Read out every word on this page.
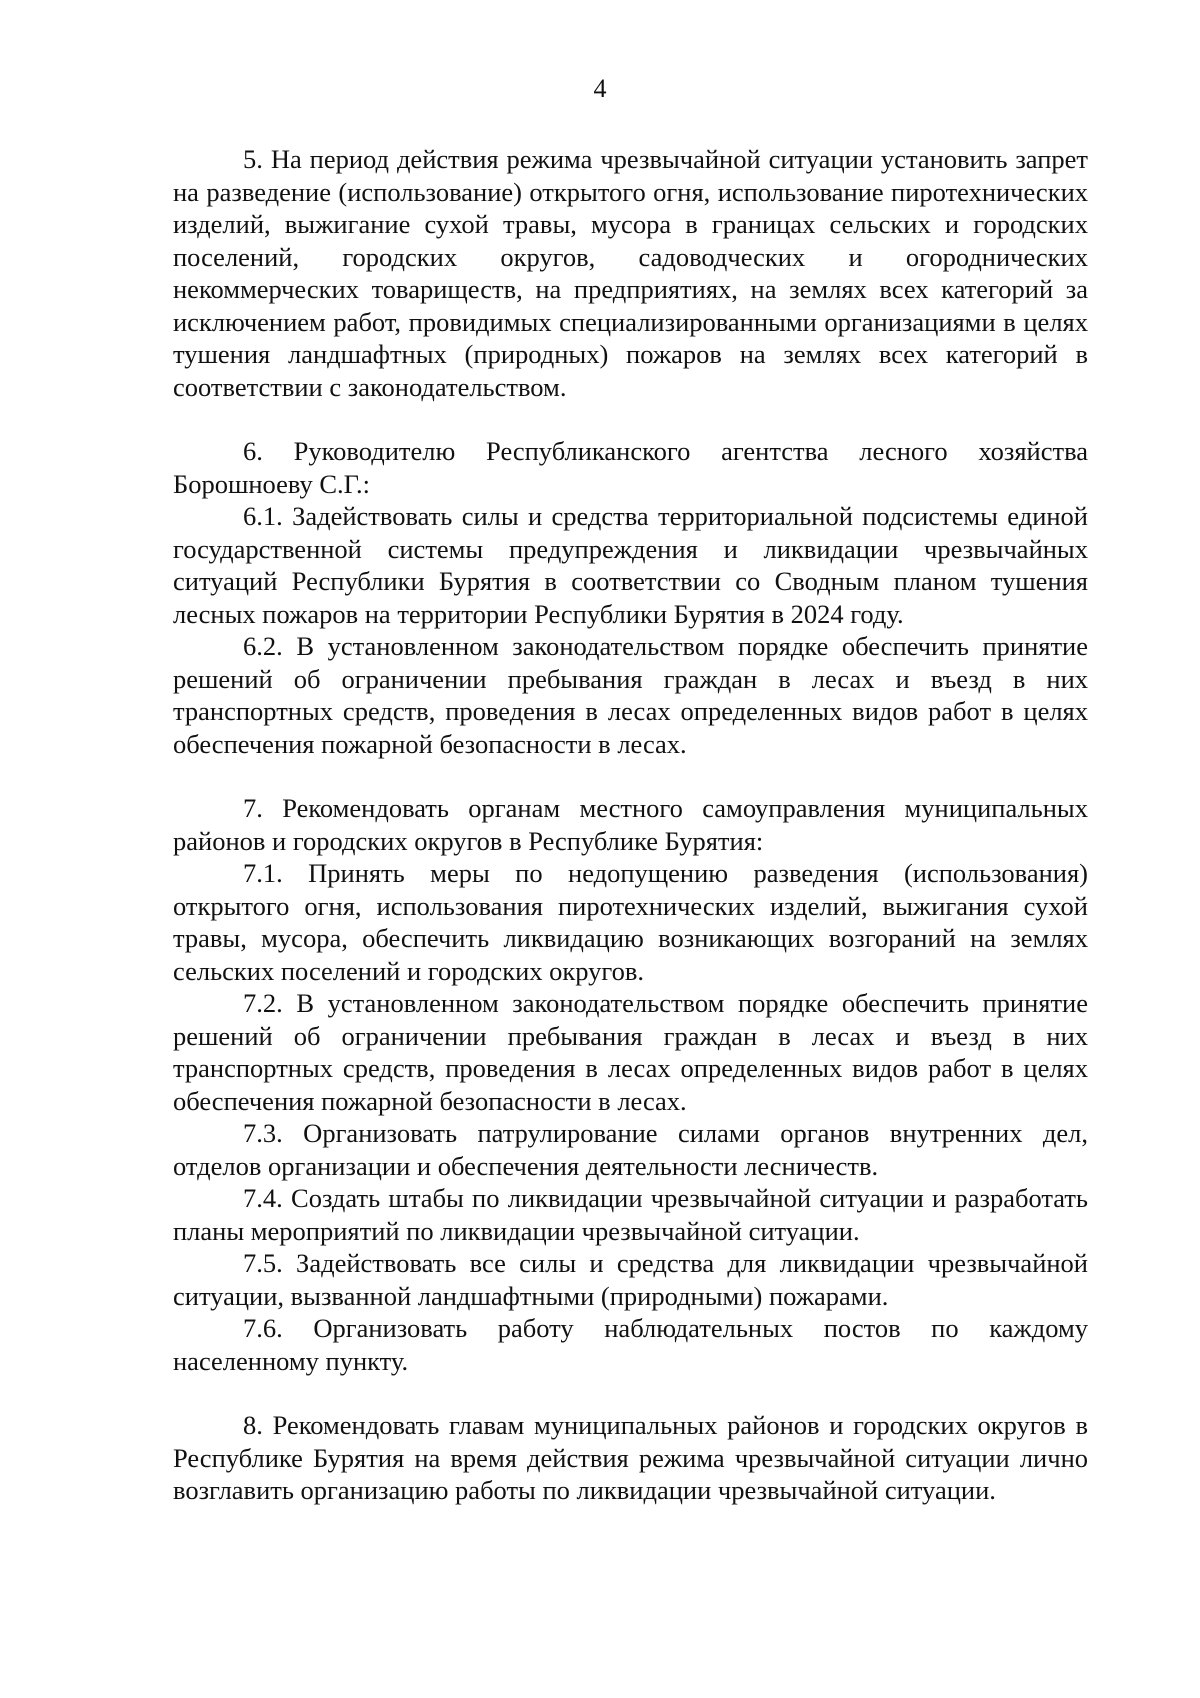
4

5. На период действия режима чрезвычайной ситуации установить запрет на разведение (использование) открытого огня, использование пиротехнических изделий, выжигание сухой травы, мусора в границах сельских и городских поселений, городских округов, садоводческих и огороднических некоммерческих товариществ, на предприятиях, на землях всех категорий за исключением работ, провидимых специализированными организациями в целях тушения ландшафтных (природных) пожаров на землях всех категорий в соответствии с законодательством.

6. Руководителю Республиканского агентства лесного хозяйства Борошноеву С.Г.:

6.1. Задействовать силы и средства территориальной подсистемы единой государственной системы предупреждения и ликвидации чрезвычайных ситуаций Республики Бурятия в соответствии со Сводным планом тушения лесных пожаров на территории Республики Бурятия в 2024 году.

6.2. В установленном законодательством порядке обеспечить принятие решений об ограничении пребывания граждан в лесах и въезд в них транспортных средств, проведения в лесах определенных видов работ в целях обеспечения пожарной безопасности в лесах.

7. Рекомендовать органам местного самоуправления муниципальных районов и городских округов в Республике Бурятия:

7.1. Принять меры по недопущению разведения (использования) открытого огня, использования пиротехнических изделий, выжигания сухой травы, мусора, обеспечить ликвидацию возникающих возгораний на землях сельских поселений и городских округов.

7.2. В установленном законодательством порядке обеспечить принятие решений об ограничении пребывания граждан в лесах и въезд в них транспортных средств, проведения в лесах определенных видов работ в целях обеспечения пожарной безопасности в лесах.

7.3. Организовать патрулирование силами органов внутренних дел, отделов организации и обеспечения деятельности лесничеств.

7.4. Создать штабы по ликвидации чрезвычайной ситуации и разработать планы мероприятий по ликвидации чрезвычайной ситуации.

7.5. Задействовать все силы и средства для ликвидации чрезвычайной ситуации, вызванной ландшафтными (природными) пожарами.

7.6. Организовать работу наблюдательных постов по каждому населенному пункту.

8. Рекомендовать главам муниципальных районов и городских округов в Республике Бурятия на время действия режима чрезвычайной ситуации лично возглавить организацию работы по ликвидации чрезвычайной ситуации.
